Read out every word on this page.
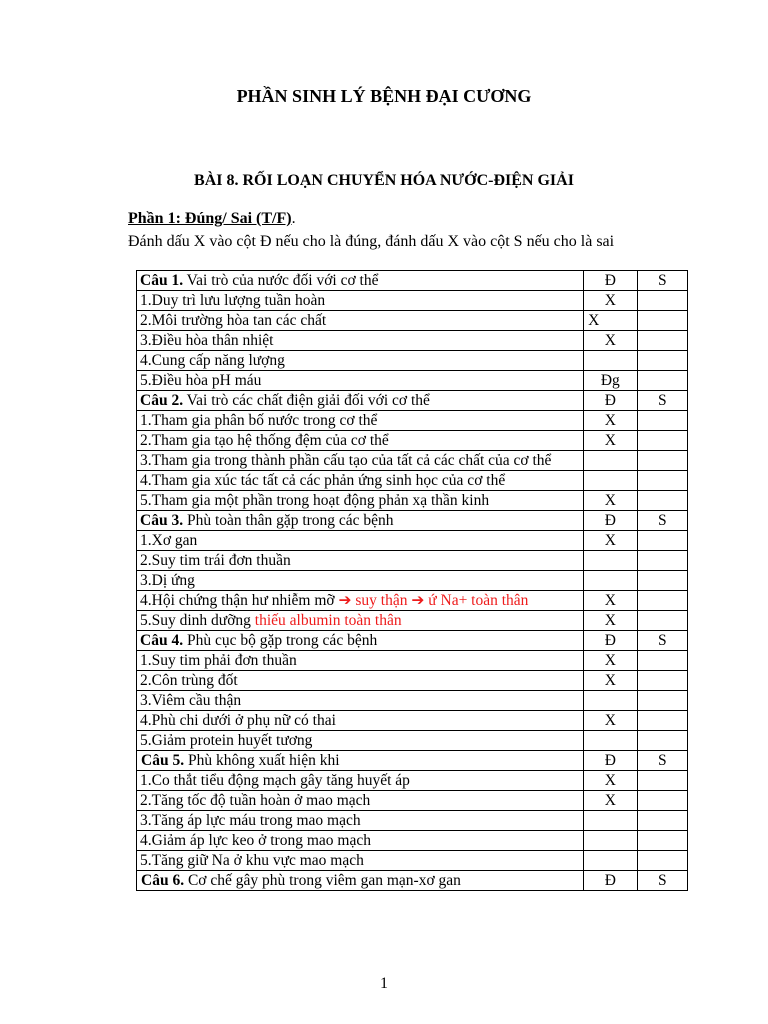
PHẦN SINH LÝ BỆNH ĐẠI CƯƠNG
BÀI 8. RỐI LOẠN CHUYỂN HÓA NƯỚC-ĐIỆN GIẢI
Phần 1: Đúng/ Sai (T/F).
Đánh dấu X vào cột Đ nếu cho là đúng, đánh dấu X vào cột S nếu cho là sai
Câu 1. Vai trò của nước đối với cơ thể	Đ	S
1.Duy trì lưu lượng tuần hoàn	X	
2.Môi trường hòa tan các chất	X	
3.Điều hòa thân nhiệt	X	
4.Cung cấp năng lượng		
5.Điều hòa pH máu	Đg	
Câu 2. Vai trò các chất điện giải đối với cơ thể	Đ	S
1.Tham gia phân bố nước trong cơ thể	X	
2.Tham gia tạo hệ thống đệm của cơ thể	X	
3.Tham gia trong thành phần cấu tạo của tất cả các chất của cơ thể		
4.Tham gia xúc tác tất cả các phản ứng sinh học của cơ thể		
5.Tham gia một phần trong hoạt động phản xạ thần kinh	X	
Câu 3. Phù toàn thân gặp trong các bệnh	Đ	S
1.Xơ gan	X	
2.Suy tim trái đơn thuần		
3.Dị ứng		
4.Hội chứng thận hư nhiễm mỡ ➔ suy thận ➔ ứ Na+ toàn thân	X	
5.Suy dinh dưỡng thiếu albumin toàn thân	X	
Câu 4. Phù cục bộ gặp trong các bệnh	Đ	S
1.Suy tim phải đơn thuần	X	
2.Côn trùng đốt	X	
3.Viêm cầu thận		
4.Phù chi dưới ở phụ nữ có thai	X	
5.Giảm protein huyết tương		
Câu 5. Phù không xuất hiện khi	Đ	S
1.Co thắt tiểu động mạch gây tăng huyết áp	X	
2.Tăng tốc độ tuần hoàn ở mao mạch	X	
3.Tăng áp lực máu trong mao mạch		
4.Giảm áp lực keo ở trong mao mạch		
5.Tăng giữ Na ở khu vực mao mạch		
Câu 6. Cơ chế gây phù trong viêm gan mạn-xơ gan	Đ	S
1
